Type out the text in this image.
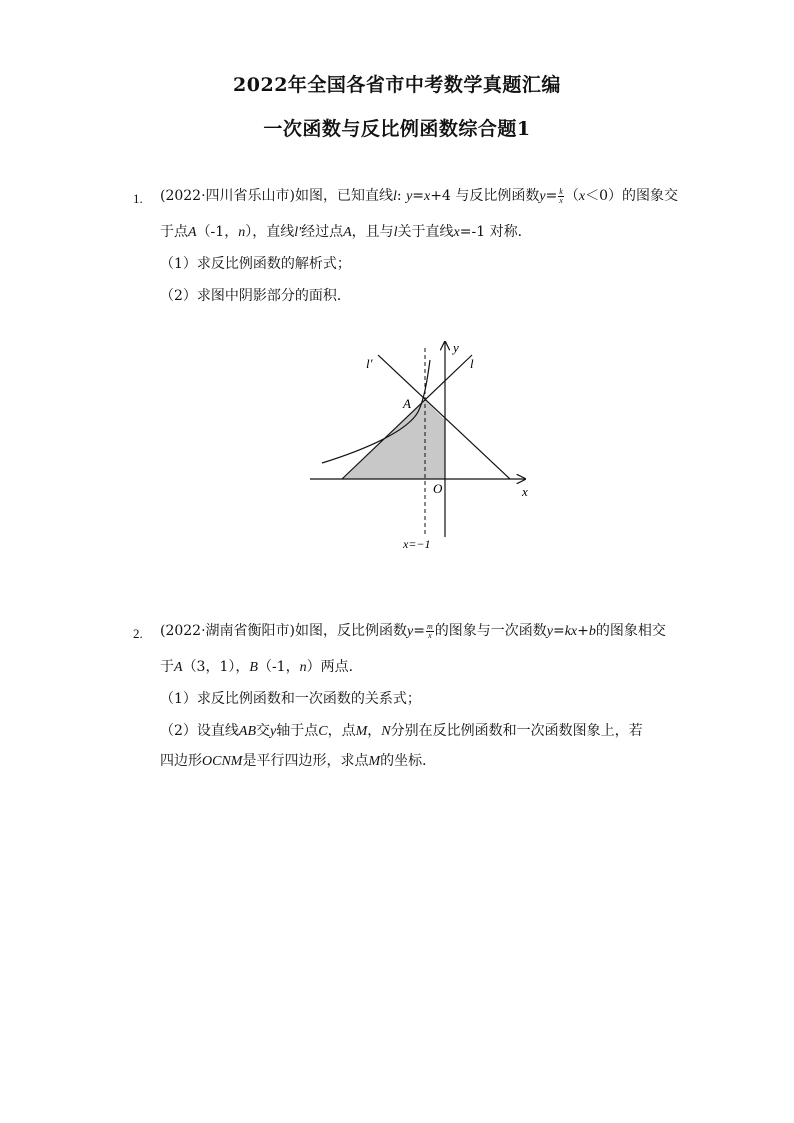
2022年全国各省市中考数学真题汇编
一次函数与反比例函数综合题1
1. (2022·四川省乐山市)如图，已知直线l: y=x+4 与反比例函数$y= \frac{k}{x} (x<0)$的图象交
于点A（-1，n），直线l'经过点A，且与l关于直线x=-1 对称．
（1）求反比例函数的解析式；
（2）求图中阴影部分的面积．
l'	l
y
x
A
O
x=−1
2. (2022·湖南省衡阳市)如图，反比例函数$y= \frac{m}{x}$ 的图象与一次函数y=kx+b的图象相交
于A（3，1），B（-1，n）两点．
（1）求反比例函数和一次函数的关系式；
（2）设直线AB交y轴于点C，点M，N分别在反比例函数和一次函数图象上，若
四边形OCNM是平行四边形，求点M的坐标．
